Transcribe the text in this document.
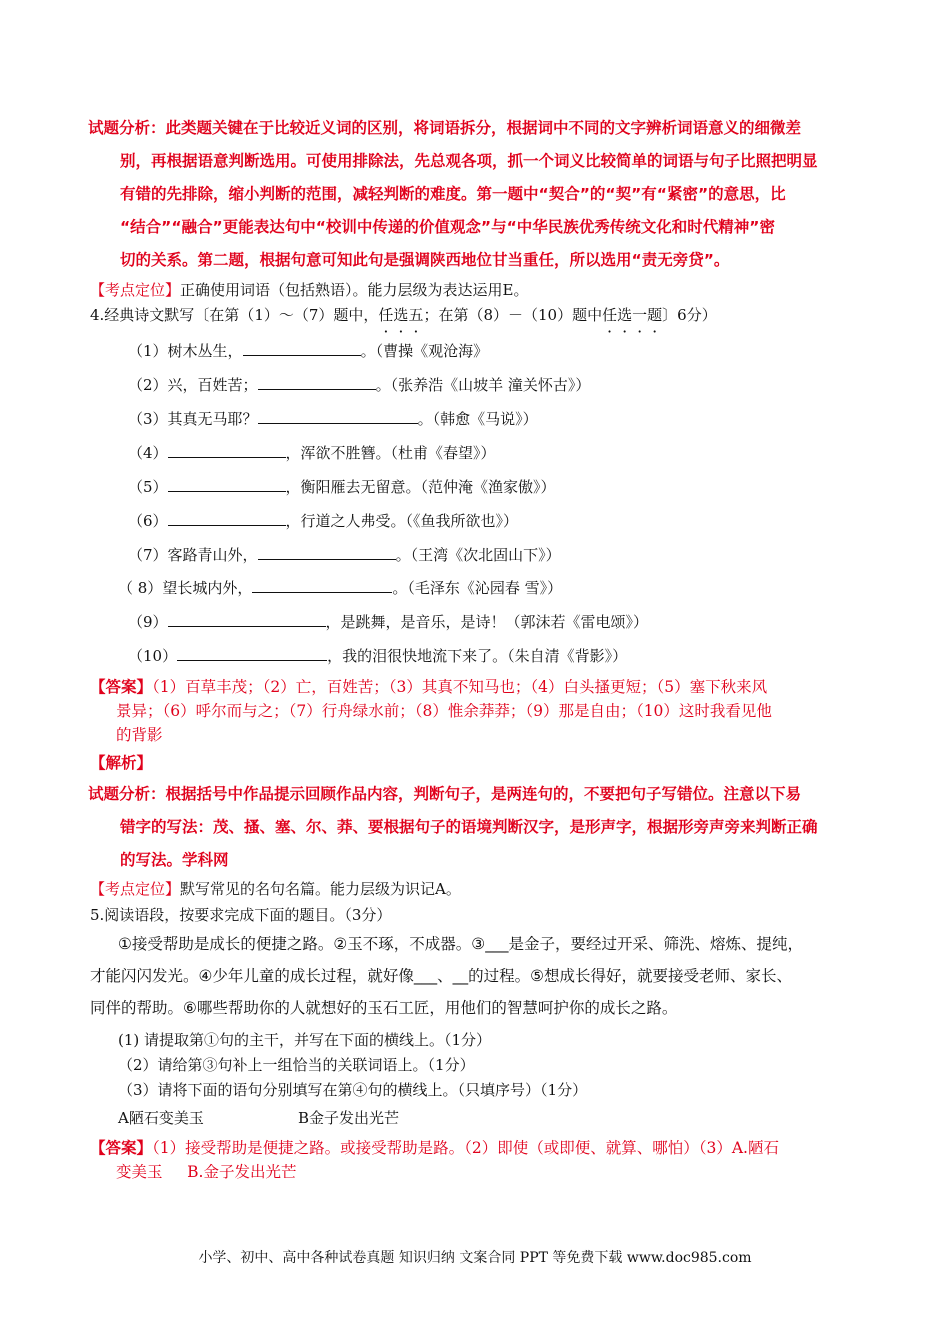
试题分析：此类题关键在于比较近义词的区别，将词语拆分，根据词中不同的文字辨析词语意义的细微差
别，再根据语意判断选用。可使用排除法，先总观各项，抓一个词义比较简单的词语与句子比照把明显
有错的先排除，缩小判断的范围，减轻判断的难度。第一题中“契合”的“契”有“紧密”的意思，比
“结合”“融合”更能表达句中“校训中传递的价值观念”与“中华民族优秀传统文化和时代精神”密
切的关系。第二题，根据句意可知此句是强调陕西地位甘当重任，所以选用“责无旁贷”。
【考点定位】正确使用词语（包括熟语）。能力层级为表达运用E。
4.经典诗文默写〔在第（1）～（7）题中，任选五；在第（8）－（10）题中任选一题〕6分）
（1）树木丛生，	。（曹操《观沧海》
（2）兴，百姓苦；	。（张养浩《山坡羊 潼关怀古》）
（3）其真无马耶？	。（韩愈《马说》）
（4）	，浑欲不胜簪。（杜甫《春望》）
（5）	，衡阳雁去无留意。（范仲淹《渔家傲》）
（6）	，行道之人弗受。（《鱼我所欲也》）
（7）客路青山外，	。（王湾《次北固山下》）
（ 8）望长城内外，	。（毛泽东《沁园春 雪》）
（9）	，是跳舞，是音乐，是诗！（郭沫若《雷电颂》）
（10）	，我的泪很快地流下来了。（朱自清《背影》）
【答案】（1）百草丰茂；（2）亡，百姓苦；（3）其真不知马也；（4）白头搔更短；（5）塞下秋来风
景异；（6）呼尔而与之；（7）行舟绿水前；（8）惟余莽莽；（9）那是自由；（10）这时我看见他
的背影
【解析】
试题分析：根据括号中作品提示回顾作品内容，判断句子，是两连句的，不要把句子写错位。注意以下易
错字的写法：茂、搔、塞、尔、莽、要根据句子的语境判断汉字，是形声字，根据形旁声旁来判断正确
的写法。学科网
【考点定位】默写常见的名句名篇。能力层级为识记A。
5.阅读语段，按要求完成下面的题目。（3分）
①接受帮助是成长的便捷之路。②玉不琢，不成器。③___是金子，要经过开采、筛洗、熔炼、提纯，
才能闪闪发光。④少年儿童的成长过程，就好像___、__的过程。⑤想成长得好，就要接受老师、家长、
同伴的帮助。⑥哪些帮助你的人就想好的玉石工匠，用他们的智慧呵护你的成长之路。
(1) 请提取第①句的主干，并写在下面的横线上。（1分）
（2）请给第③句补上一组恰当的关联词语上。（1分）
（3）请将下面的语句分别填写在第④句的横线上。（只填序号）（1分）
A陋石变美玉	B金子发出光芒
【答案】（1）接受帮助是便捷之路。或接受帮助是路。（2）即使（或即便、就算、哪怕）（3）A.陋石
变美玉     B.金子发出光芒
小学、初中、高中各种试卷真题 知识归纳 文案合同 PPT 等免费下载 www.doc985.com
